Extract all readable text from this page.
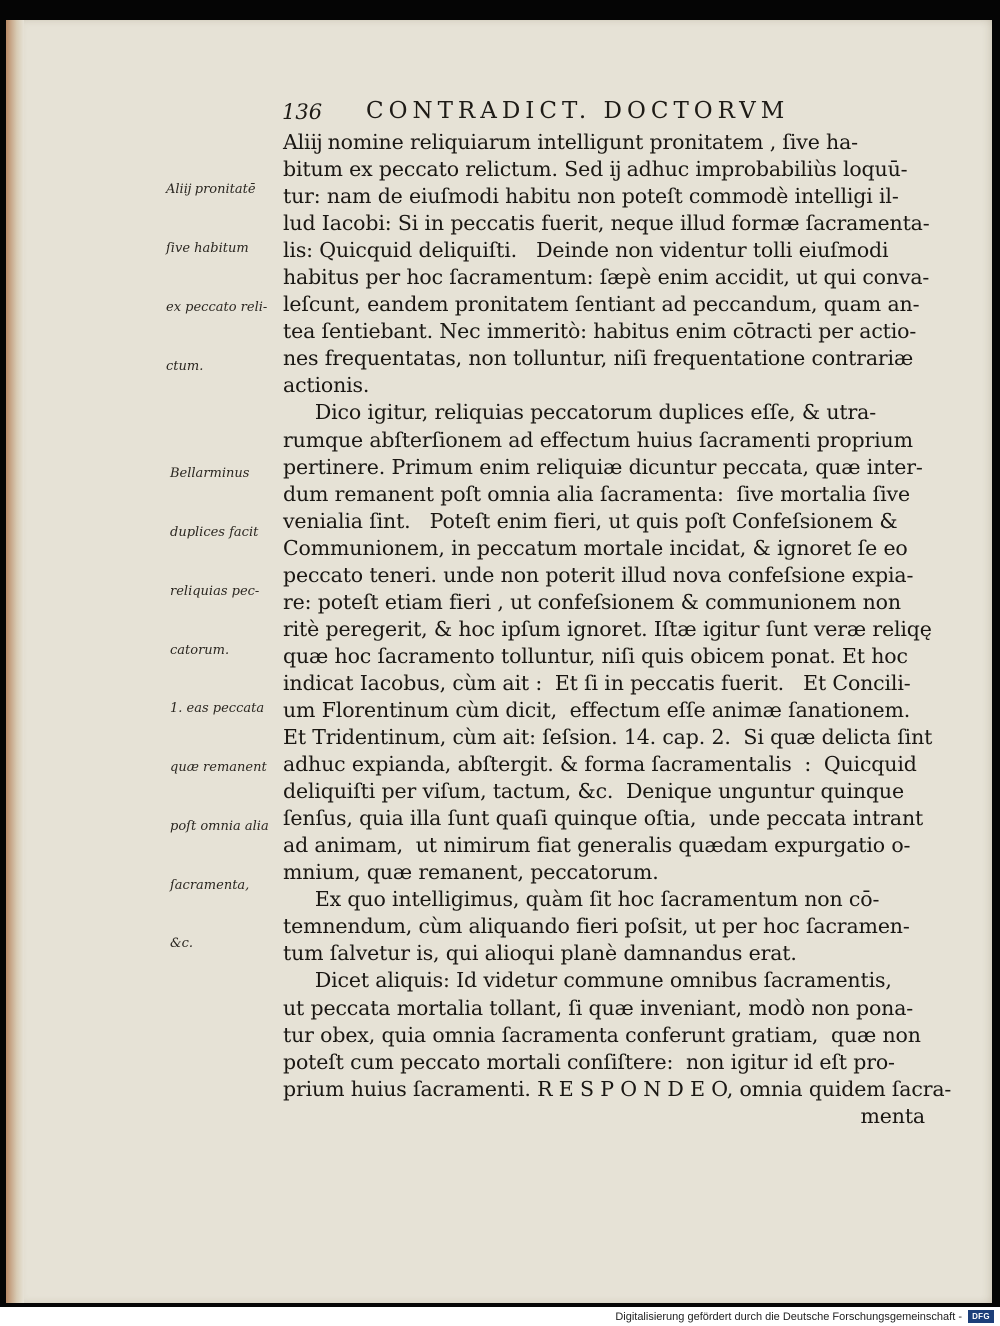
136 CONTRADICT. DOCTORVM

Aliĳ pronitatē

ſive habitum

ex peccato reli-

ctum.

Bellarminus

duplices facit

reliquias pec-

catorum.

1. eas peccata

quæ remanent

poſt omnia alia

ſacramenta,

&c.

Aliĳ nomine reliquiarum intelligunt pronitatem , ſive ha-
bitum ex peccato relictum. Sed ĳ adhuc improbabiliùs loquū-
tur: nam de eiuſmodi habitu non poteſt commodè intelligi il-
lud Iacobi: Si in peccatis fuerit, neque illud formæ ſacramenta-
lis: Quicquid deliquiſti.   Deinde non videntur tolli eiuſmodi
habitus per hoc ſacramentum: ſæpè enim accidit, ut qui conva-
leſcunt, eandem pronitatem ſentiant ad peccandum, quam an-
tea ſentiebant. Nec immeritò: habitus enim cōtracti per actio-
nes frequentatas, non tolluntur, niſi frequentatione contrariæ
actionis.
Dico igitur, reliquias peccatorum duplices eſſe, & utra-
rumque abſterſionem ad effectum huius ſacramenti proprium
pertinere. Primum enim reliquiæ dicuntur peccata, quæ inter-
dum remanent poſt omnia alia ſacramenta:  ſive mortalia ſive
venialia ſint.   Poteſt enim fieri, ut quis poſt Confeſsionem &
Communionem, in peccatum mortale incidat, & ignoret ſe eo
peccato teneri. unde non poterit illud nova confeſsione expia-
re: poteſt etiam fieri , ut confeſsionem & communionem non
ritè peregerit, & hoc ipſum ignoret. Iſtæ igitur ſunt veræ reliqę
quæ hoc ſacramento tolluntur, niſi quis obicem ponat. Et hoc
indicat Iacobus, cùm ait :  Et ſi in peccatis fuerit.   Et Concili-
um Florentinum cùm dicit,  effectum eſſe animæ ſanationem.
Et Tridentinum, cùm ait: ſeſsion. 14. cap. 2.  Si quæ delicta ſint
adhuc expianda, abſtergit. & forma ſacramentalis  :  Quicquid
deliquiſti per viſum, tactum, &c.  Denique unguntur quinque
ſenſus, quia illa ſunt quaſi quinque oſtia,  unde peccata intrant
ad animam,  ut nimirum fiat generalis quædam expurgatio o-
mnium, quæ remanent, peccatorum.
Ex quo intelligimus, quàm ſit hoc ſacramentum non cō-
temnendum, cùm aliquando fieri poſsit, ut per hoc ſacramen-
tum ſalvetur is, qui alioqui planè damnandus erat.
Dicet aliquis: Id videtur commune omnibus ſacramentis,
ut peccata mortalia tollant, ſi quæ inveniant, modò non pona-
tur obex, quia omnia ſacramenta conferunt gratiam,  quæ non
poteſt cum peccato mortali conſiſtere:  non igitur id eſt pro-
prium huius ſacramenti. R E S P O N D E O, omnia quidem ſacra-
menta
Digitalisierung gefördert durch die Deutsche Forschungsgemeinschaft -	DFG
